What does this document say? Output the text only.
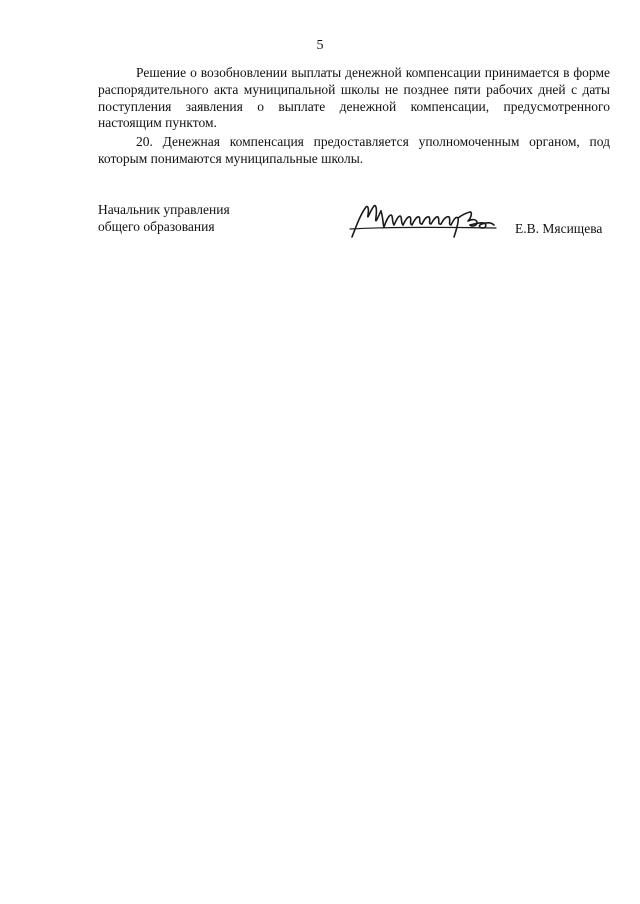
5

Решение о возобновлении выплаты денежной компенсации принимается в форме распорядительного акта муниципальной школы не позднее пяти рабочих дней с даты поступления заявления о выплате денежной компенсации, предусмотренного настоящим пунктом.

20. Денежная компенсация предоставляется уполномоченным органом, под которым понимаются муниципальные школы.

Начальник управления
общего образования	Е.В. Мясищева
